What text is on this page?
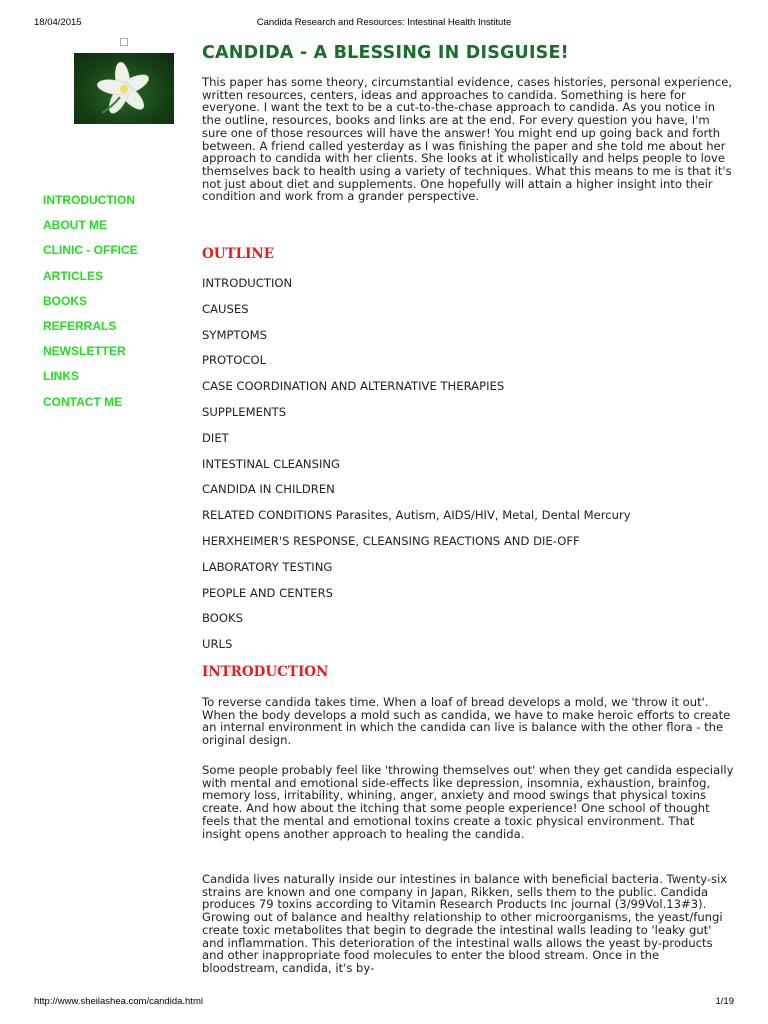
18/04/2015	Candida Research and Resources: Intestinal Health Institute
INTRODUCTION
ABOUT ME
CLINIC - OFFICE
ARTICLES
BOOKS
REFERRALS
NEWSLETTER
LINKS
CONTACT ME
CANDIDA - A BLESSING IN DISGUISE!

This paper has some theory, circumstantial evidence, cases histories, personal experience, written resources, centers, ideas and approaches to candida. Something is here for everyone. I want the text to be a cut-to-the-chase approach to candida. As you notice in the outline, resources, books and links are at the end. For every question you have, I'm sure one of those resources will have the answer! You might end up going back and forth between. A friend called yesterday as I was finishing the paper and she told me about her approach to candida with her clients. She looks at it wholistically and helps people to love themselves back to health using a variety of techniques. What this means to me is that it's not just about diet and supplements. One hopefully will attain a higher insight into their condition and work from a grander perspective.

OUTLINE
INTRODUCTION
CAUSES
SYMPTOMS
PROTOCOL
CASE COORDINATION AND ALTERNATIVE THERAPIES
SUPPLEMENTS
DIET
INTESTINAL CLEANSING
CANDIDA IN CHILDREN
RELATED CONDITIONS Parasites, Autism, AIDS/HIV, Metal, Dental Mercury
HERXHEIMER'S RESPONSE, CLEANSING REACTIONS AND DIE-OFF
LABORATORY TESTING
PEOPLE AND CENTERS
BOOKS
URLS
INTRODUCTION

To reverse candida takes time. When a loaf of bread develops a mold, we 'throw it out'. When the body develops a mold such as candida, we have to make heroic efforts to create an internal environment in which the candida can live is balance with the other flora - the original design.

Some people probably feel like 'throwing themselves out' when they get candida especially with mental and emotional side-effects like depression, insomnia, exhaustion, brainfog, memory loss, irritability, whining, anger, anxiety and mood swings that physical toxins create. And how about the itching that some people experience! One school of thought feels that the mental and emotional toxins create a toxic physical environment. That insight opens another approach to healing the candida.

Candida lives naturally inside our intestines in balance with beneficial bacteria. Twenty-six strains are known and one company in Japan, Rikken, sells them to the public. Candida produces 79 toxins according to Vitamin Research Products Inc journal (3/99Vol.13#3). Growing out of balance and healthy relationship to other microorganisms, the yeast/fungi create toxic metabolites that begin to degrade the intestinal walls leading to 'leaky gut' and inflammation. This deterioration of the intestinal walls allows the yeast by-products and other inappropriate food molecules to enter the blood stream. Once in the bloodstream, candida, it's by-

http://www.sheilashea.com/candida.html	1/19
